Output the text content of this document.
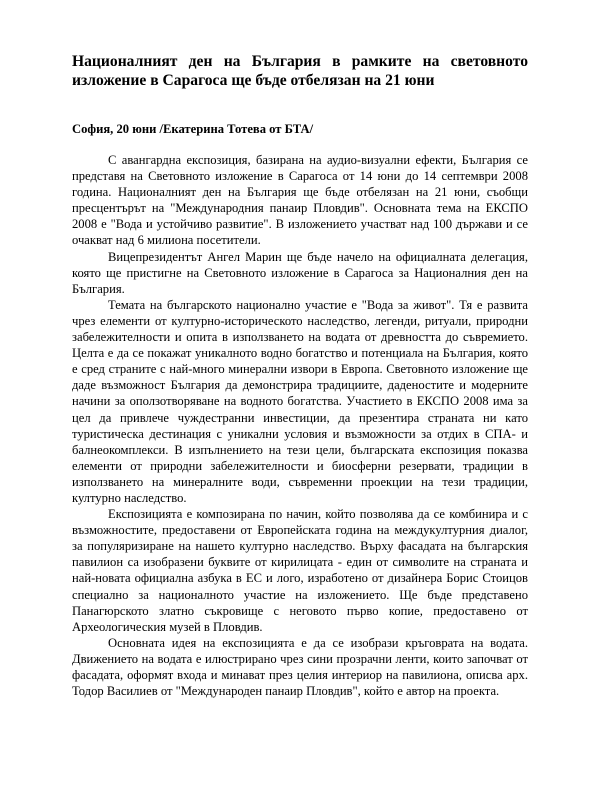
Националният ден на България в рамките на световното изложение в Сарагоса ще бъде отбелязан на 21 юни

София, 20 юни /Екатерина Тотева от БТА/

С авангардна експозиция, базирана на аудио-визуални ефекти, България се представя на Световното изложение в Сарагоса от 14 юни до 14 септември 2008 година. Националният ден на България ще бъде отбелязан на 21 юни, съобщи пресцентърът на "Международния панаир Пловдив". Основната тема на ЕКСПО 2008 е "Вода и устойчиво развитие". В изложението участват над 100 държави и се очакват над 6 милиона посетители.

Вицепрезидентът Ангел Марин ще бъде начело на официалната делегация, която ще пристигне на Световното изложение в Сарагоса за Националния ден на България.

Темата на българското национално участие е "Вода за живот". Тя е развита чрез елементи от културно-историческото наследство, легенди, ритуали, природни забележителности и опита в използването на водата от древността до съвремието. Целта е да се покажат уникалното водно богатство и потенциала на България, която е сред страните с най-много минерални извори в Европа. Световното изложение ще даде възможност България да демонстрира традициите, даденостите и модерните начини за оползотворяване на водното богатства. Участието в ЕКСПО 2008 има за цел да привлече чуждестранни инвестиции, да презентира страната ни като туристическа дестинация с уникални условия и възможности за отдих в СПА- и балнеокомплекси. В изпълнението на тези цели, българската експозиция показва елементи от природни забележителности и биосферни резервати, традиции в използването на минералните води, съвременни проекции на тези традиции, културно наследство.

Експозицията е композирана по начин, който позволява да се комбинира и с възможностите, предоставени от Европейската година на междукултурния диалог, за популяризиране на нашето културно наследство. Върху фасадата на българския павилион са изобразени буквите от кирилицата - един от символите на страната и най-новата официална азбука в ЕС и лого, изработено от дизайнера Борис Стоицов специално за националното участие на изложението. Ще бъде представено Панагюрското златно съкровище с неговото първо копие, предоставено от Археологическия музей в Пловдив.

Основната идея на експозицията е да се изобрази кръговрата на водата. Движението на водата е илюстрирано чрез сини прозрачни ленти, които започват от фасадата, оформят входа и минават през целия интериор на павилиона, описва арх. Тодор Василиев от "Международен панаир Пловдив", който е автор на проекта.
